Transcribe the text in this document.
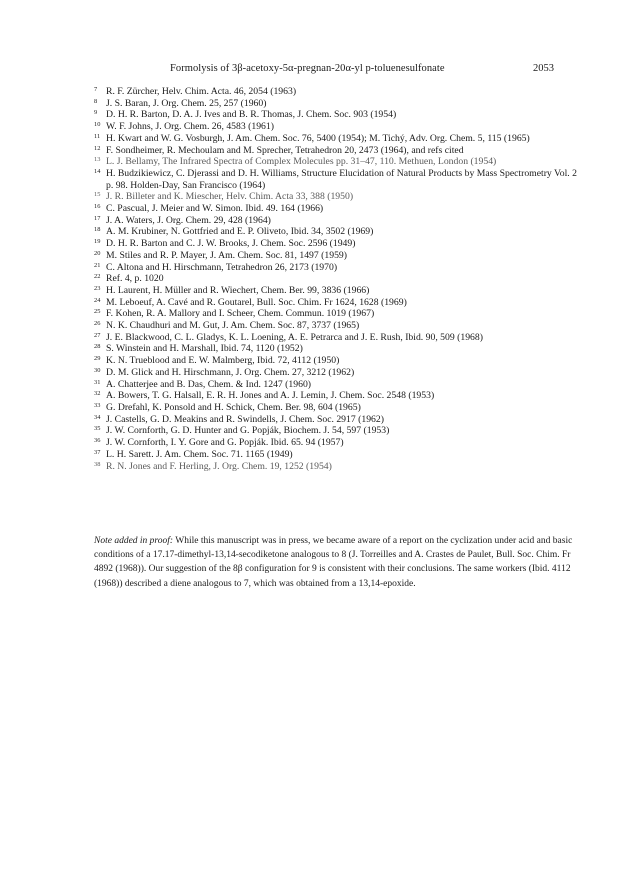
Formolysis of 3β-acetoxy-5α-pregnan-20α-yl p-toluenesulfonate	2053
7 R. F. Zürcher, Helv. Chim. Acta. 46, 2054 (1963)
8 J. S. Baran, J. Org. Chem. 25, 257 (1960)
9 D. H. R. Barton, D. A. J. Ives and B. R. Thomas, J. Chem. Soc. 903 (1954)
10 W. F. Johns, J. Org. Chem. 26, 4583 (1961)
11 H. Kwart and W. G. Vosburgh, J. Am. Chem. Soc. 76, 5400 (1954); M. Tichý, Adv. Org. Chem. 5, 115 (1965)
12 F. Sondheimer, R. Mechoulam and M. Sprecher, Tetrahedron 20, 2473 (1964), and refs cited
13 L. J. Bellamy, The Infrared Spectra of Complex Molecules pp. 31–47, 110. Methuen, London (1954)
14 H. Budzikiewicz, C. Djerassi and D. H. Williams, Structure Elucidation of Natural Products by Mass Spectrometry Vol. 2 p. 98. Holden-Day, San Francisco (1964)
15 J. R. Billeter and K. Miescher, Helv. Chim. Acta 33, 388 (1950)
16 C. Pascual, J. Meier and W. Simon. Ibid. 49. 164 (1966)
17 J. A. Waters, J. Org. Chem. 29, 428 (1964)
18 A. M. Krubiner, N. Gottfried and E. P. Oliveto, Ibid. 34, 3502 (1969)
19 D. H. R. Barton and C. J. W. Brooks, J. Chem. Soc. 2596 (1949)
20 M. Stiles and R. P. Mayer, J. Am. Chem. Soc. 81, 1497 (1959)
21 C. Altona and H. Hirschmann, Tetrahedron 26, 2173 (1970)
22 Ref. 4, p. 1020
23 H. Laurent, H. Müller and R. Wiechert, Chem. Ber. 99, 3836 (1966)
24 M. Leboeuf, A. Cavé and R. Goutarel, Bull. Soc. Chim. Fr 1624, 1628 (1969)
25 F. Kohen, R. A. Mallory and I. Scheer, Chem. Commun. 1019 (1967)
26 N. K. Chaudhuri and M. Gut, J. Am. Chem. Soc. 87, 3737 (1965)
27 J. E. Blackwood, C. L. Gladys, K. L. Loening, A. E. Petrarca and J. E. Rush, Ibid. 90, 509 (1968)
28 S. Winstein and H. Marshall, Ibid. 74, 1120 (1952)
29 K. N. Trueblood and E. W. Malmberg, Ibid. 72, 4112 (1950)
30 D. M. Glick and H. Hirschmann, J. Org. Chem. 27, 3212 (1962)
31 A. Chatterjee and B. Das, Chem. & Ind. 1247 (1960)
32 A. Bowers, T. G. Halsall, E. R. H. Jones and A. J. Lemin, J. Chem. Soc. 2548 (1953)
33 G. Drefahl, K. Ponsold and H. Schick, Chem. Ber. 98, 604 (1965)
34 J. Castells, G. D. Meakins and R. Swindells, J. Chem. Soc. 2917 (1962)
35 J. W. Cornforth, G. D. Hunter and G. Popják, Biochem. J. 54, 597 (1953)
36 J. W. Cornforth, I. Y. Gore and G. Popják. Ibid. 65. 94 (1957)
37 L. H. Sarett. J. Am. Chem. Soc. 71. 1165 (1949)
38 R. N. Jones and F. Herling, J. Org. Chem. 19, 1252 (1954)
Note added in proof: While this manuscript was in press, we became aware of a report on the cyclization under acid and basic conditions of a 17.17-dimethyl-13,14-secodiketone analogous to 8 (J. Torreilles and A. Crastes de Paulet, Bull. Soc. Chim. Fr 4892 (1968)). Our suggestion of the 8β configuration for 9 is consistent with their conclusions. The same workers (Ibid. 4112 (1968)) described a diene analogous to 7, which was obtained from a 13,14-epoxide.
